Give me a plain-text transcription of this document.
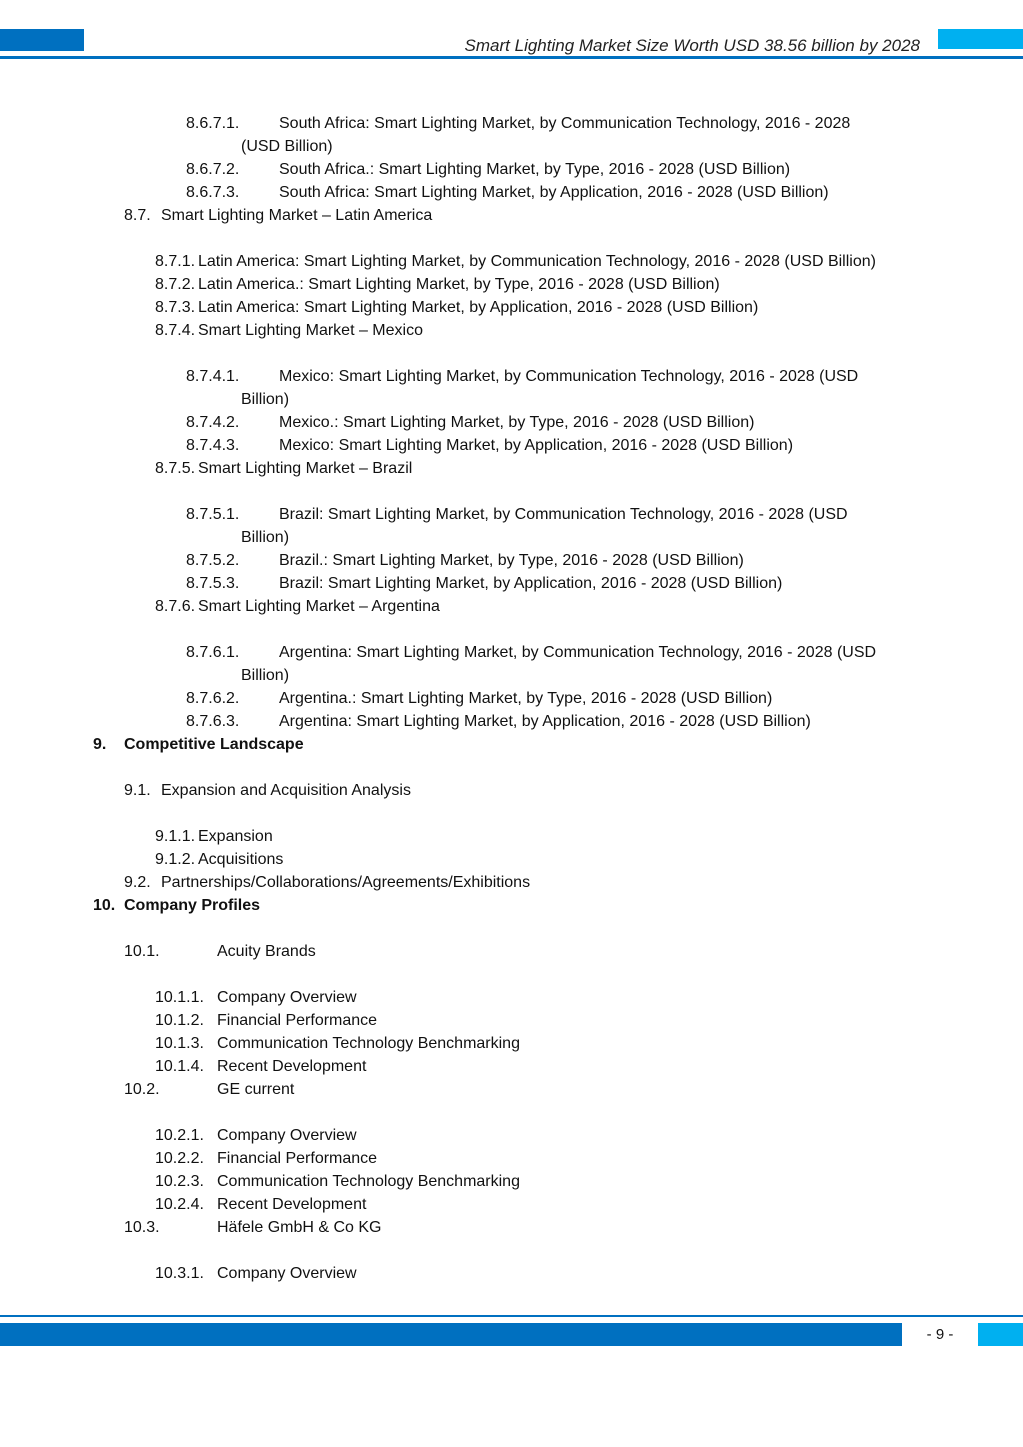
Smart Lighting Market Size Worth USD 38.56 billion by 2028
8.6.7.1. South Africa: Smart Lighting Market, by Communication Technology, 2016 - 2028
(USD Billion)
8.6.7.2. South Africa.: Smart Lighting Market, by Type, 2016 - 2028 (USD Billion)
8.6.7.3. South Africa: Smart Lighting Market, by Application, 2016 - 2028 (USD Billion)
8.7. Smart Lighting Market – Latin America
8.7.1. Latin America: Smart Lighting Market, by Communication Technology, 2016 - 2028 (USD Billion)
8.7.2. Latin America.: Smart Lighting Market, by Type, 2016 - 2028 (USD Billion)
8.7.3. Latin America: Smart Lighting Market, by Application, 2016 - 2028 (USD Billion)
8.7.4. Smart Lighting Market – Mexico
8.7.4.1. Mexico: Smart Lighting Market, by Communication Technology, 2016 - 2028 (USD
Billion)
8.7.4.2. Mexico.: Smart Lighting Market, by Type, 2016 - 2028 (USD Billion)
8.7.4.3. Mexico: Smart Lighting Market, by Application, 2016 - 2028 (USD Billion)
8.7.5. Smart Lighting Market – Brazil
8.7.5.1. Brazil: Smart Lighting Market, by Communication Technology, 2016 - 2028 (USD
Billion)
8.7.5.2. Brazil.: Smart Lighting Market, by Type, 2016 - 2028 (USD Billion)
8.7.5.3. Brazil: Smart Lighting Market, by Application, 2016 - 2028 (USD Billion)
8.7.6. Smart Lighting Market – Argentina
8.7.6.1. Argentina: Smart Lighting Market, by Communication Technology, 2016 - 2028 (USD
Billion)
8.7.6.2. Argentina.: Smart Lighting Market, by Type, 2016 - 2028 (USD Billion)
8.7.6.3. Argentina: Smart Lighting Market, by Application, 2016 - 2028 (USD Billion)
9. Competitive Landscape
9.1. Expansion and Acquisition Analysis
9.1.1. Expansion
9.1.2. Acquisitions
9.2. Partnerships/Collaborations/Agreements/Exhibitions
10. Company Profiles
10.1.	Acuity Brands
10.1.1. Company Overview
10.1.2. Financial Performance
10.1.3. Communication Technology Benchmarking
10.1.4. Recent Development
10.2.	GE current
10.2.1. Company Overview
10.2.2. Financial Performance
10.2.3. Communication Technology Benchmarking
10.2.4. Recent Development
10.3.	Häfele GmbH & Co KG
10.3.1. Company Overview
- 9 -
